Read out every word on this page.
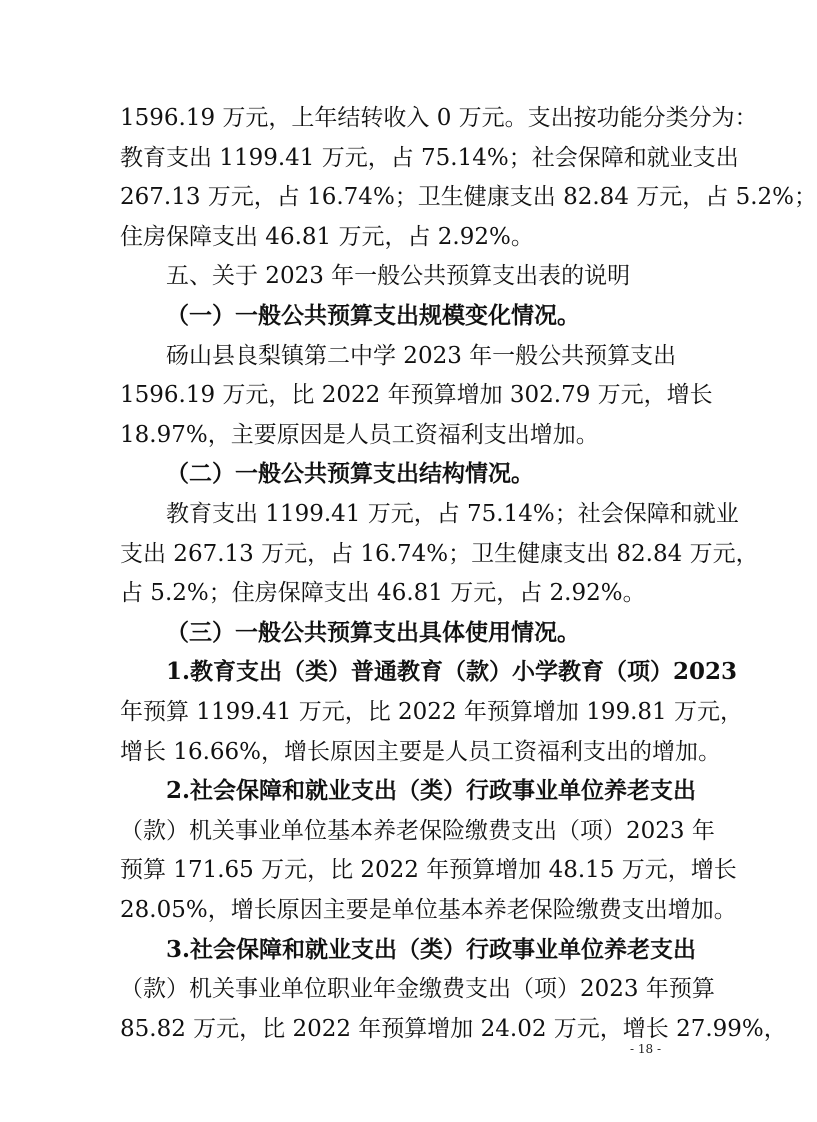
- 18 -
1596.19 万元，上年结转收入 0 万元。支出按功能分类分为：
教育支出 1199.41 万元，占 75.14%；社会保障和就业支出
267.13 万元，占 16.74%；卫生健康支出 82.84 万元，占 5.2%；
住房保障支出 46.81 万元，占 2.92%。
五、关于 2023 年一般公共预算支出表的说明
（一）一般公共预算支出规模变化情况。
砀山县良梨镇第二中学 2023 年一般公共预算支出
1596.19 万元，比 2022 年预算增加 302.79 万元，增长
18.97%，主要原因是人员工资福利支出增加。
（二）一般公共预算支出结构情况。
教育支出 1199.41 万元，占 75.14%；社会保障和就业
支出 267.13 万元，占 16.74%；卫生健康支出 82.84 万元，
占 5.2%；住房保障支出 46.81 万元，占 2.92%。
（三）一般公共预算支出具体使用情况。
1.教育支出（类）普通教育（款）小学教育（项）2023
年预算 1199.41 万元，比 2022 年预算增加 199.81 万元，
增长 16.66%，增长原因主要是人员工资福利支出的增加。
2.社会保障和就业支出（类）行政事业单位养老支出
（款）机关事业单位基本养老保险缴费支出（项）2023 年
预算 171.65 万元，比 2022 年预算增加 48.15 万元，增长
28.05%，增长原因主要是单位基本养老保险缴费支出增加。
3.社会保障和就业支出（类）行政事业单位养老支出
（款）机关事业单位职业年金缴费支出（项）2023 年预算
85.82 万元，比 2022 年预算增加 24.02 万元，增长 27.99%，
